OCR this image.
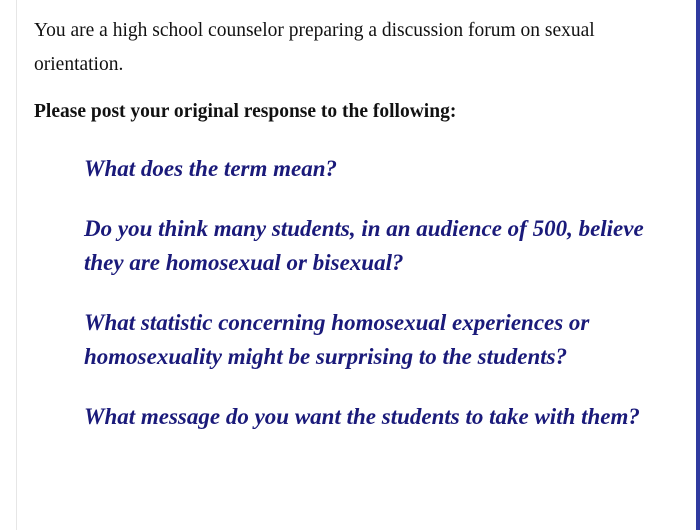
You are a high school counselor preparing a discussion forum on sexual orientation.

Please post your original response to the following:

What does the term mean?
Do you think many students, in an audience of 500, believe they are homosexual or bisexual?
What statistic concerning homosexual experiences or homosexuality might be surprising to the students?
What message do you want the students to take with them?
